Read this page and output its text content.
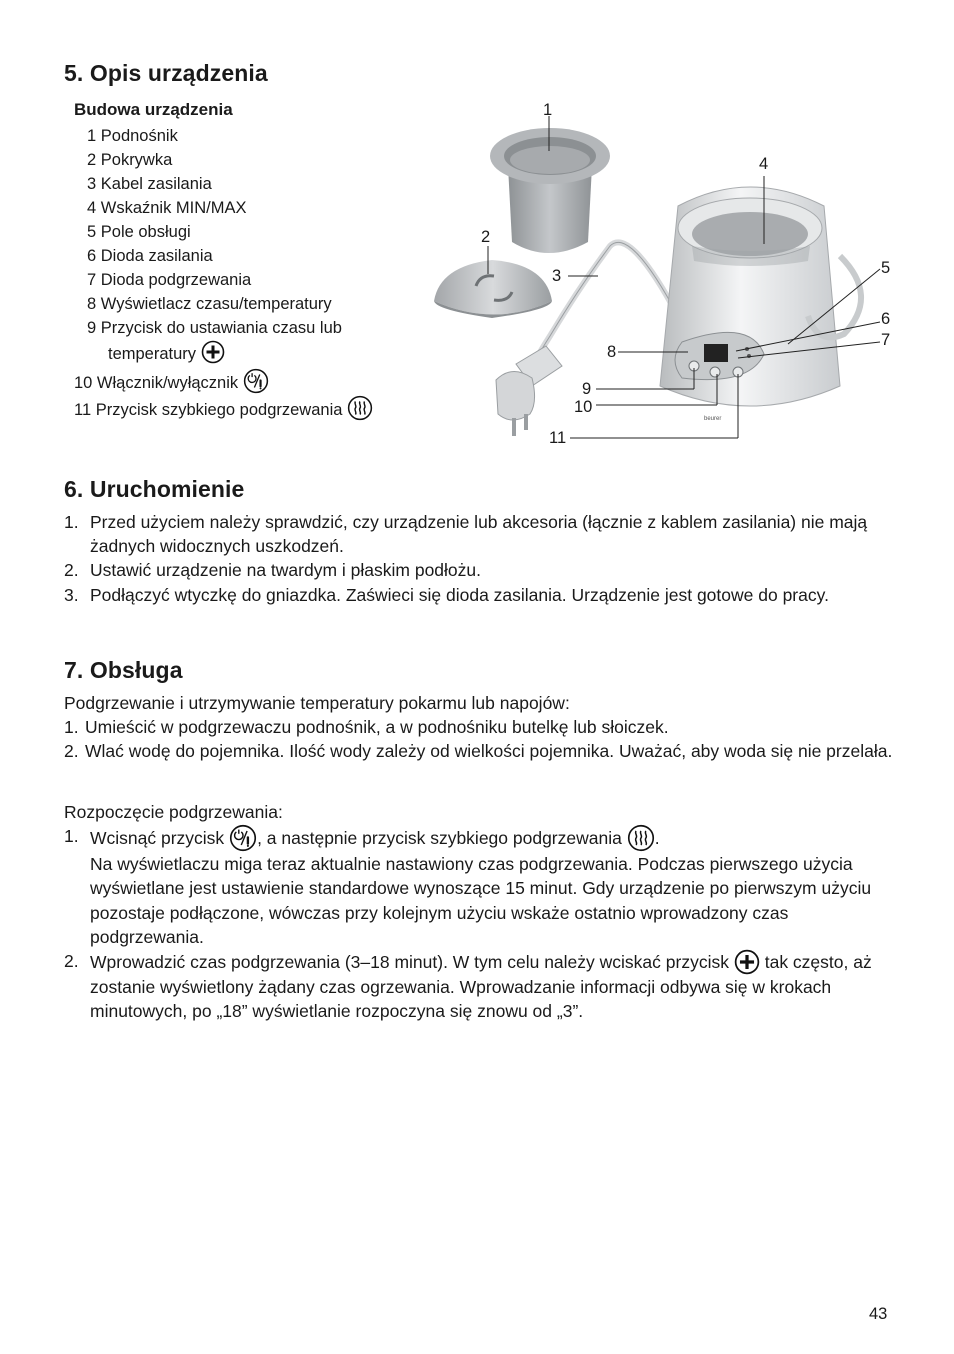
5. Opis urządzenia
Budowa urządzenia
1 Podnośnik
2 Pokrywka
3 Kabel zasilania
4 Wskaźnik MIN/MAX
5 Pole obsługi
6 Dioda zasilania
7 Dioda podgrzewania
8 Wyświetlacz czasu/temperatury
9 Przycisk do ustawiania czasu lub
temperatury
10 Włącznik/wyłącznik
11 Przycisk szybkiego podgrzewania	beurer
1
2
3
4
5
6
7
8
9
10
11
6. Uruchomienie
1. Przed użyciem należy sprawdzić, czy urządzenie lub akcesoria (łącznie z kablem zasilania) nie mają żadnych widocznych uszkodzeń.
2. Ustawić urządzenie na twardym i płaskim podłożu.
3. Podłączyć wtyczkę do gniazdka. Zaświeci się dioda zasilania. Urządzenie jest gotowe do pracy.
7. Obsługa
Podgrzewanie i utrzymywanie temperatury pokarmu lub napojów:
1. Umieścić w podgrzewaczu podnośnik, a w podnośniku butelkę lub słoiczek.
2. Wlać wodę do pojemnika. Ilość wody zależy od wielkości pojemnika. Uważać, aby woda się nie przelała.
Rozpoczęcie podgrzewania:
1. Wcisnąć przycisk , a następnie przycisk szybkiego podgrzewania .
Na wyświetlaczu miga teraz aktualnie nastawiony czas podgrzewania. Podczas pierwszego użycia wyświetlane jest ustawienie standardowe wynoszące 15 minut. Gdy urządzenie po pierwszym użyciu pozostaje podłączone, wówczas przy kolejnym użyciu wskaże ostatnio wprowadzony czas podgrzewania.
2. Wprowadzić czas podgrzewania (3–18 minut). W tym celu należy wciskać przycisk tak często, aż zostanie wyświetlony żądany czas ogrzewania. Wprowadzanie informacji odbywa się w krokach minutowych, po „18” wyświetlanie rozpoczyna się znowu od „3”.
43
